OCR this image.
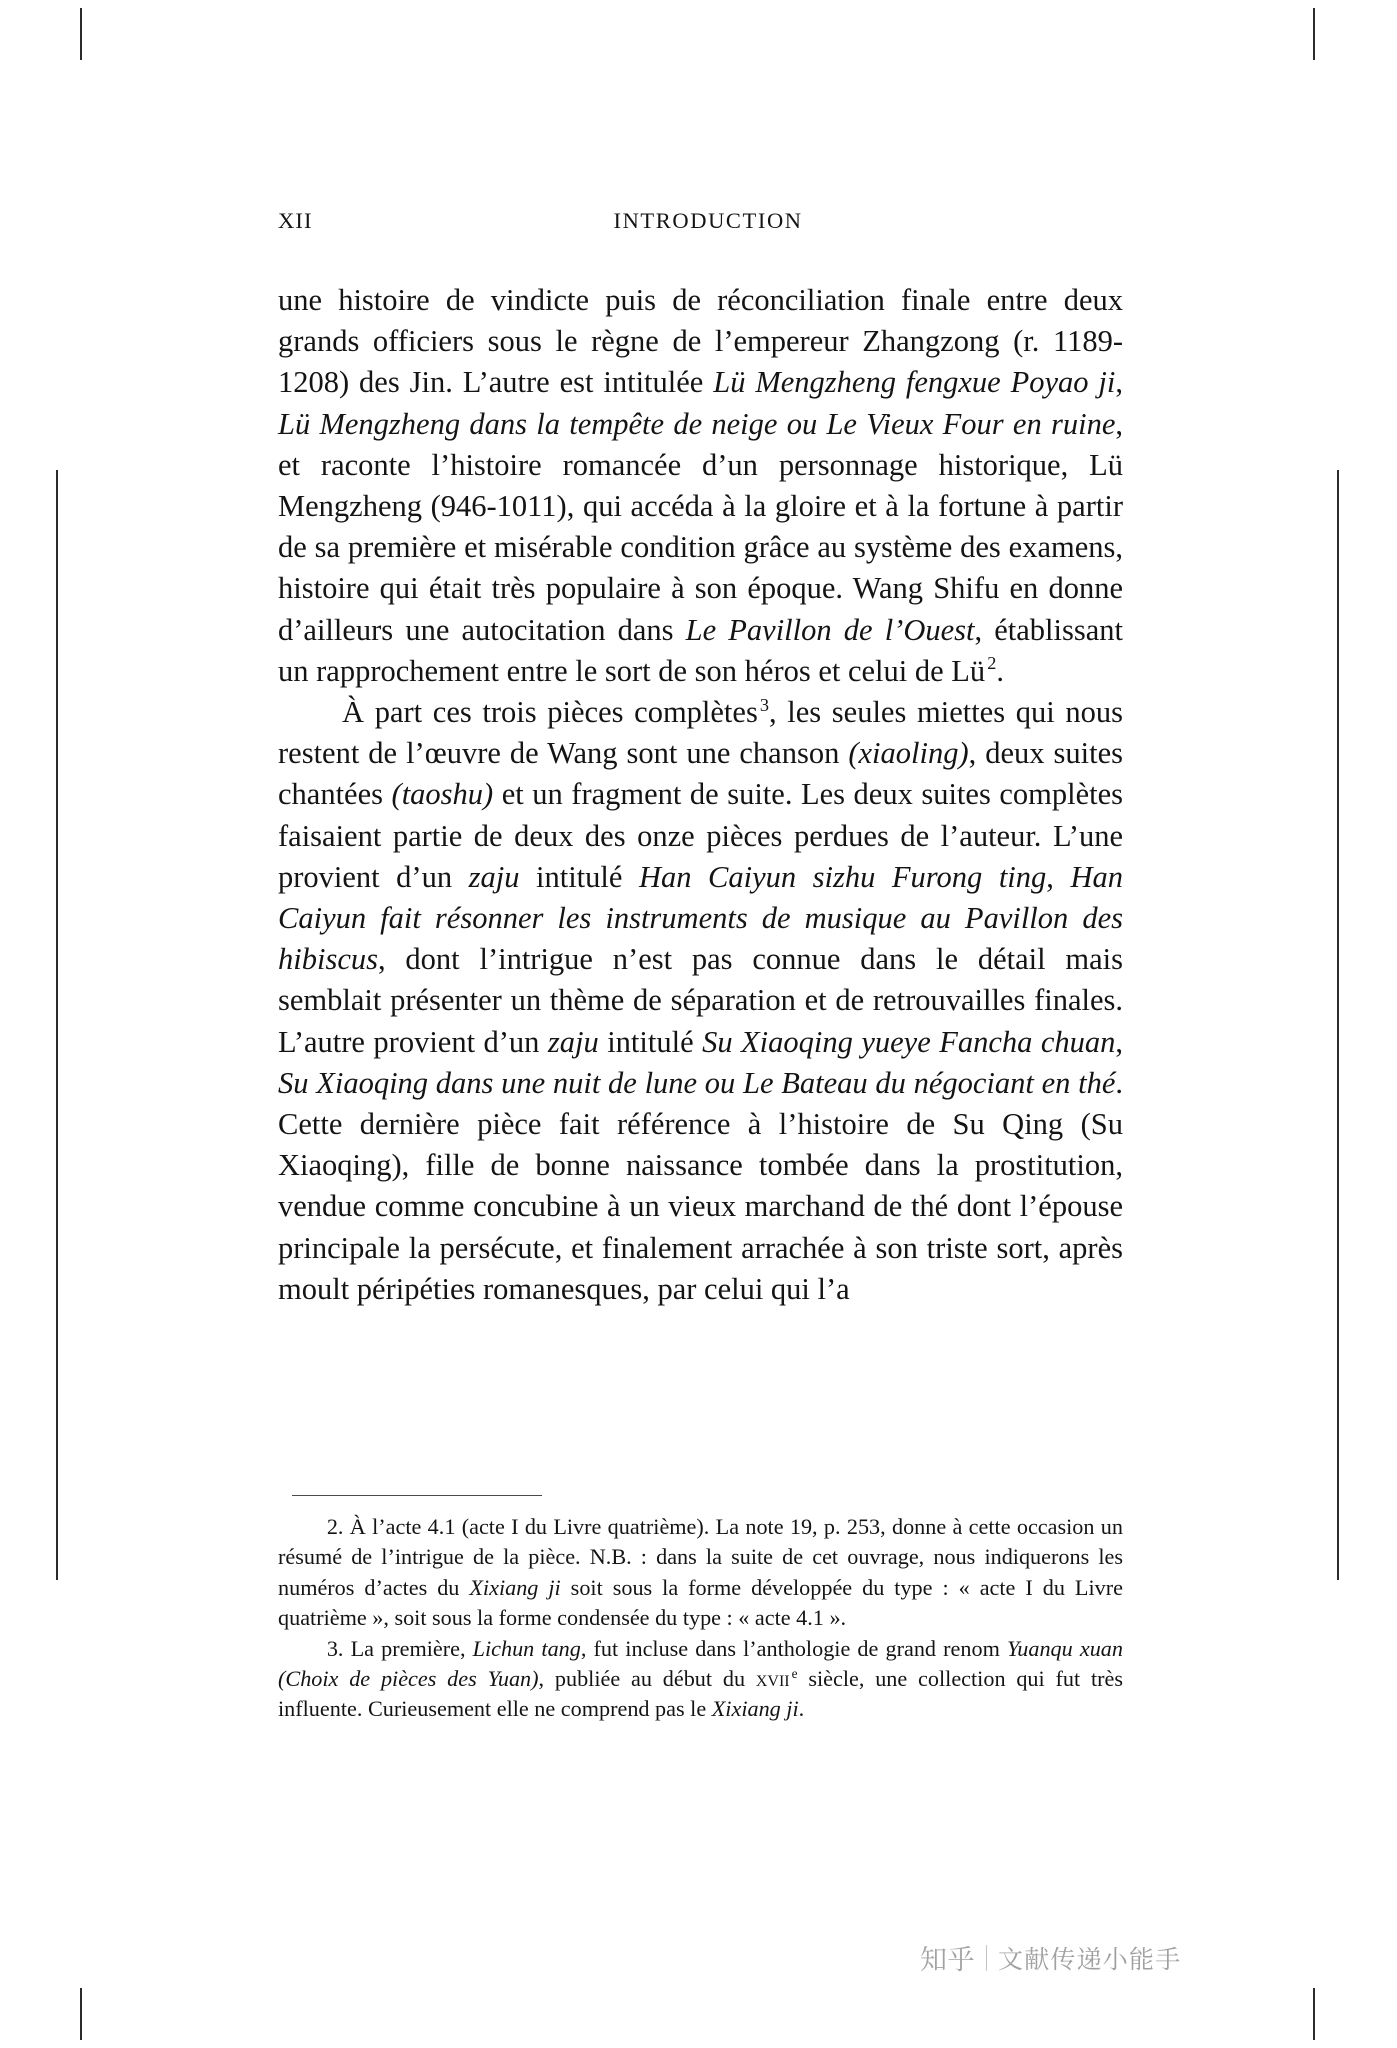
XII	INTRODUCTION

une histoire de vindicte puis de réconciliation finale entre deux grands officiers sous le règne de l’empereur Zhangzong (r. 1189-1208) des Jin. L’autre est intitulée Lü Mengzheng fengxue Poyao ji, Lü Mengzheng dans la tempête de neige ou Le Vieux Four en ruine, et raconte l’histoire romancée d’un personnage historique, Lü Mengzheng (946-1011), qui accéda à la gloire et à la fortune à partir de sa première et misérable condition grâce au système des examens, histoire qui était très populaire à son époque. Wang Shifu en donne d’ailleurs une autocitation dans Le Pavillon de l’Ouest, établissant un rapprochement entre le sort de son héros et celui de Lü $^2$.

À part ces trois pièces complètes $^3$, les seules miettes qui nous restent de l’œuvre de Wang sont une chanson (xiaoling), deux suites chantées (taoshu) et un fragment de suite. Les deux suites complètes faisaient partie de deux des onze pièces perdues de l’auteur. L’une provient d’un zaju intitulé Han Caiyun sizhu Furong ting, Han Caiyun fait résonner les instruments de musique au Pavillon des hibiscus, dont l’intrigue n’est pas connue dans le détail mais semblait présenter un thème de séparation et de retrouvailles finales. L’autre provient d’un zaju intitulé Su Xiaoqing yueye Fancha chuan, Su Xiaoqing dans une nuit de lune ou Le Bateau du négociant en thé. Cette dernière pièce fait référence à l’histoire de Su Qing (Su Xiaoqing), fille de bonne naissance tombée dans la prostitution, vendue comme concubine à un vieux marchand de thé dont l’épouse principale la persécute, et finalement arrachée à son triste sort, après moult péripéties romanesques, par celui qui l’a

2. À l’acte 4.1 (acte I du Livre quatrième). La note 19, p. 253, donne à cette occasion un résumé de l’intrigue de la pièce. N.B. : dans la suite de cet ouvrage, nous indiquerons les numéros d’actes du Xixiang ji soit sous la forme développée du type : « acte I du Livre quatrième », soit sous la forme condensée du type : « acte 4.1 ».

3. La première, Lichun tang, fut incluse dans l’anthologie de grand renom Yuanqu xuan (Choix de pièces des Yuan), publiée au début du xvii $^e$ siècle, une collection qui fut très influente. Curieusement elle ne comprend pas le Xixiang ji.

知乎 文献传递小能手
